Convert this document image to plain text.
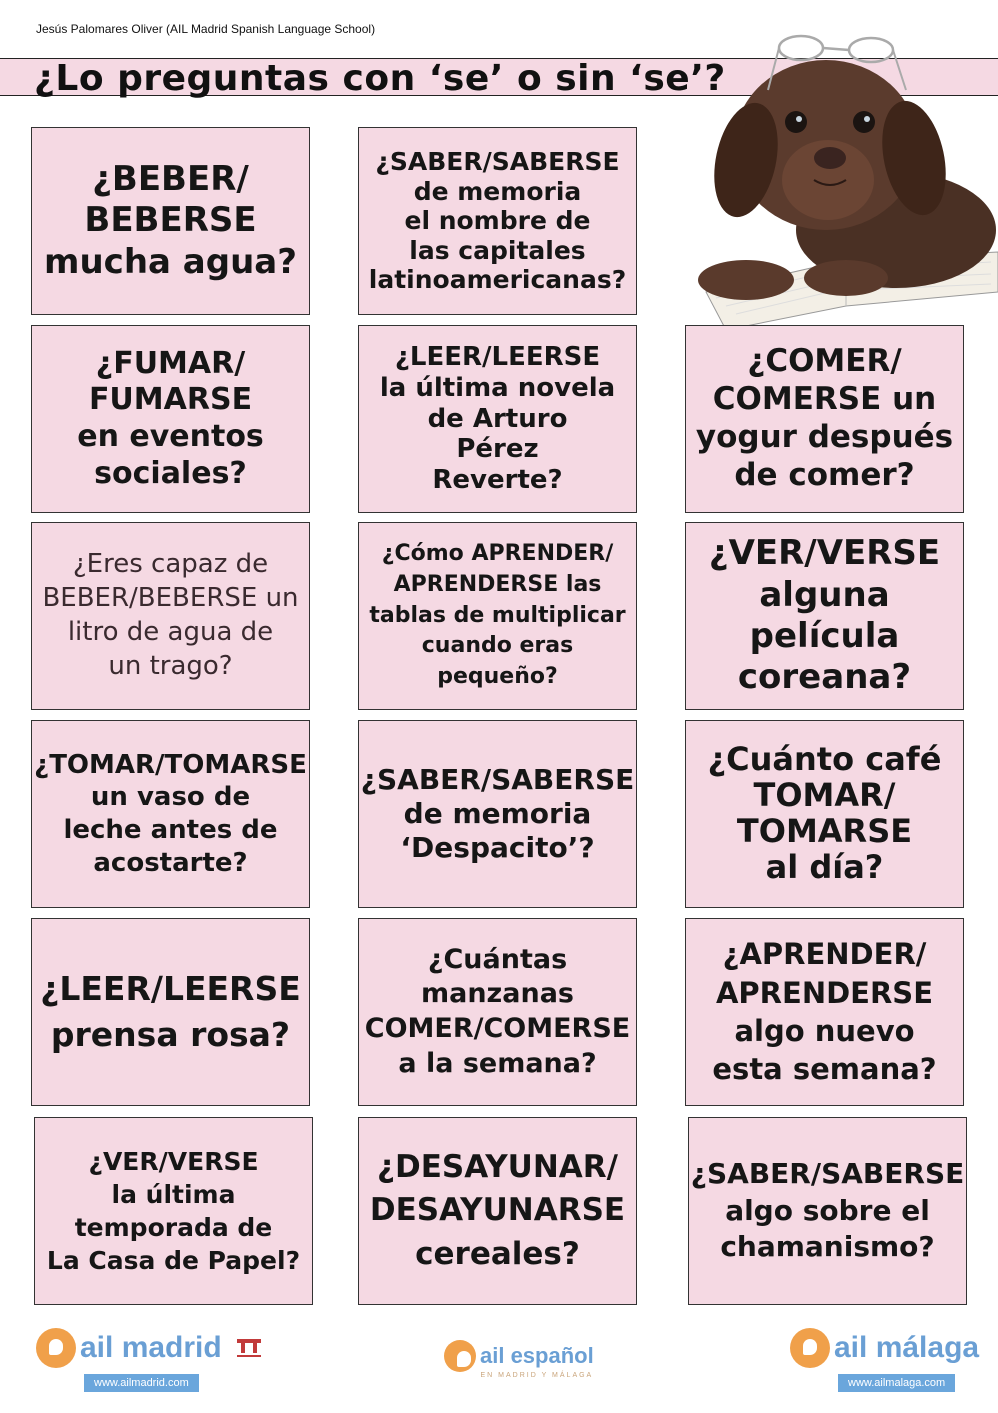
Jesús Palomares Oliver (AIL Madrid Spanish Language School)
¿Lo preguntas con ‘se’ o sin ‘se’?
¿BEBER/
BEBERSE
mucha agua?
¿SABER/SABERSE
de memoria
el nombre de
las capitales
latinoamericanas?
¿FUMAR/
FUMARSE
en eventos
sociales?
¿LEER/LEERSE
la última novela
de Arturo
Pérez
Reverte?
¿COMER/
COMERSE un
yogur después
de comer?
¿Eres capaz de
BEBER/BEBERSE un
litro de agua de
un trago?
¿Cómo APRENDER/
APRENDERSE las
tablas de multiplicar
cuando eras
pequeño?
¿VER/VERSE
alguna
película
coreana?
¿TOMAR/TOMARSE
un vaso de
leche antes de
acostarte?
¿SABER/SABERSE
de memoria
‘Despacito’?
¿Cuánto café
TOMAR/
TOMARSE
al día?
¿LEER/LEERSE
prensa rosa?
¿Cuántas
manzanas
COMER/COMERSE
a la semana?
¿APRENDER/
APRENDERSE
algo nuevo
esta semana?
¿VER/VERSE
la última
temporada de
La Casa de Papel?
¿DESAYUNAR/
DESAYUNARSE
cereales?
¿SABER/SABERSE
algo sobre el
chamanismo?
ail madrid
www.ailmadrid.com
ail español
EN MADRID Y MÁLAGA
ail málaga
www.ailmalaga.com
